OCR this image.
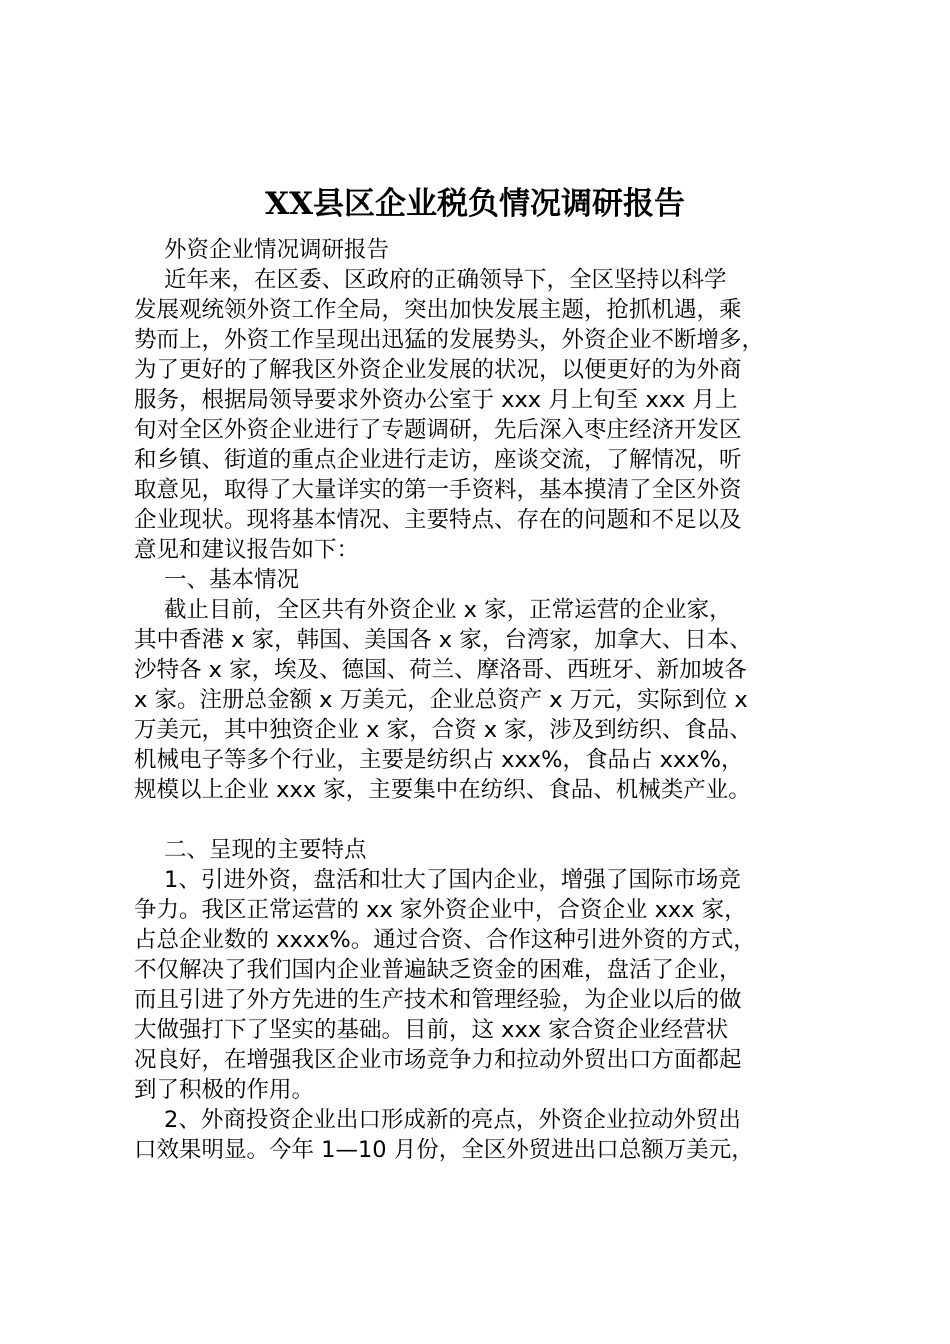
XX县区企业税负情况调研报告
外资企业情况调研报告
近年来，在区委、区政府的正确领导下，全区坚持以科学
发展观统领外资工作全局，突出加快发展主题，抢抓机遇，乘
势而上，外资工作呈现出迅猛的发展势头，外资企业不断增多，
为了更好的了解我区外资企业发展的状况，以便更好的为外商
服务，根据局领导要求外资办公室于 xxx 月上旬至 xxx 月上
旬对全区外资企业进行了专题调研，先后深入枣庄经济开发区
和乡镇、街道的重点企业进行走访，座谈交流，了解情况，听
取意见，取得了大量详实的第一手资料，基本摸清了全区外资
企业现状。现将基本情况、主要特点、存在的问题和不足以及
意见和建议报告如下：
一、基本情况
截止目前，全区共有外资企业 x 家，正常运营的企业家，
其中香港 x 家，韩国、美国各 x 家，台湾家，加拿大、日本、
沙特各 x 家，埃及、德国、荷兰、摩洛哥、西班牙、新加坡各
x 家。注册总金额 x 万美元，企业总资产 x 万元，实际到位 x
万美元，其中独资企业 x 家，合资 x 家，涉及到纺织、食品、
机械电子等多个行业，主要是纺织占 xxx%，食品占 xxx%，
规模以上企业 xxx 家，主要集中在纺织、食品、机械类产业。
二、呈现的主要特点
1、引进外资，盘活和壮大了国内企业，增强了国际市场竞
争力。我区正常运营的 xx 家外资企业中，合资企业 xxx 家，
占总企业数的 xxxx%。通过合资、合作这种引进外资的方式，
不仅解决了我们国内企业普遍缺乏资金的困难，盘活了企业，
而且引进了外方先进的生产技术和管理经验，为企业以后的做
大做强打下了坚实的基础。目前，这 xxx 家合资企业经营状
况良好，在增强我区企业市场竞争力和拉动外贸出口方面都起
到了积极的作用。
2、外商投资企业出口形成新的亮点，外资企业拉动外贸出
口效果明显。今年 1—10 月份，全区外贸进出口总额万美元，
